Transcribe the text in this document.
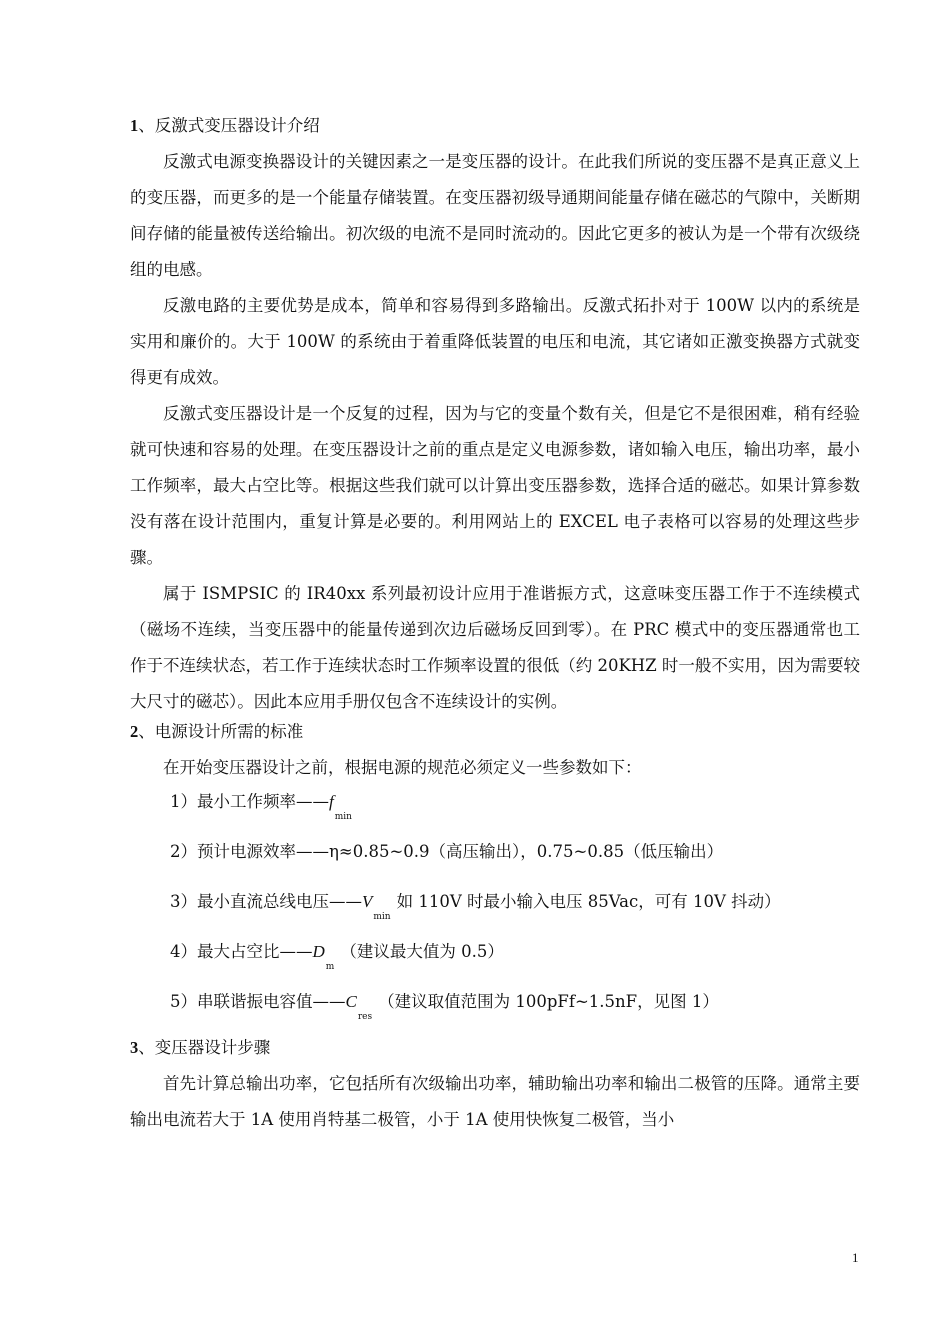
1、反激式变压器设计介绍

反激式电源变换器设计的关键因素之一是变压器的设计。在此我们所说的变压器不是真正意义上的变压器，而更多的是一个能量存储装置。在变压器初级导通期间能量存储在磁芯的气隙中，关断期间存储的能量被传送给输出。初次级的电流不是同时流动的。因此它更多的被认为是一个带有次级绕组的电感。

反激电路的主要优势是成本，简单和容易得到多路输出。反激式拓扑对于 100W 以内的系统是实用和廉价的。大于 100W 的系统由于着重降低装置的电压和电流，其它诸如正激变换器方式就变得更有成效。

反激式变压器设计是一个反复的过程，因为与它的变量个数有关，但是它不是很困难，稍有经验就可快速和容易的处理。在变压器设计之前的重点是定义电源参数，诸如输入电压，输出功率，最小工作频率，最大占空比等。根据这些我们就可以计算出变压器参数，选择合适的磁芯。如果计算参数没有落在设计范围内，重复计算是必要的。利用网站上的 EXCEL 电子表格可以容易的处理这些步骤。

属于 ISMPSIC 的 IR40xx 系列最初设计应用于准谐振方式，这意味变压器工作于不连续模式（磁场不连续，当变压器中的能量传递到次边后磁场反回到零）。在 PRC 模式中的变压器通常也工作于不连续状态，若工作于连续状态时工作频率设置的很低（约 20KHZ 时一般不实用，因为需要较大尺寸的磁芯）。因此本应用手册仅包含不连续设计的实例。

2、电源设计所需的标准

在开始变压器设计之前，根据电源的规范必须定义一些参数如下：

1）最小工作频率$——f_{min}$
2）预计电源效率——η≈0.85~0.9（高压输出），0.75~0.85（低压输出）
3）最小直流总线电压$——V_{min}$如 110V 时最小输入电压 85Vac，可有 10V 抖动）
4）最大占空比$——D_m$（建议最大值为 0.5）
5）串联谐振电容值$——C_{res}$（建议取值范围为 100pFf~1.5nF，见图 1）
3、变压器设计步骤

首先计算总输出功率，它包括所有次级输出功率，辅助输出功率和输出二极管的压降。通常主要输出电流若大于 1A 使用肖特基二极管，小于 1A 使用快恢复二极管，当小

1
